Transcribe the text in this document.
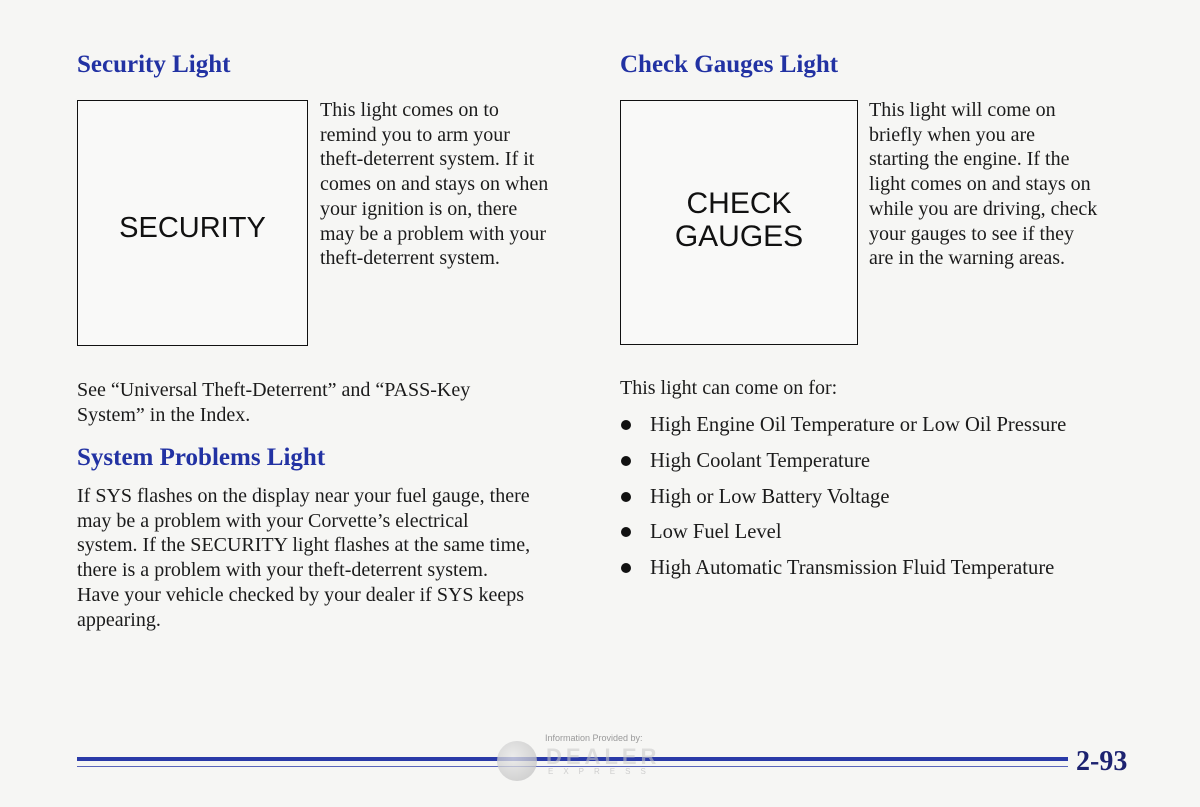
Security Light
SECURITY
This light comes on to
remind you to arm your
theft-deterrent system. If it
comes on and stays on when
your ignition is on, there
may be a problem with your
theft-deterrent system.
See “Universal Theft-Deterrent” and “PASS-Key
System” in the Index.
System Problems Light
If SYS flashes on the display near your fuel gauge, there
may be a problem with your Corvette’s electrical
system. If the SECURITY light flashes at the same time,
there is a problem with your theft-deterrent system.
Have your vehicle checked by your dealer if SYS keeps
appearing.
Check Gauges Light
CHECK
GAUGES
This light will come on
briefly when you are
starting the engine. If the
light comes on and stays on
while you are driving, check
your gauges to see if they
are in the warning areas.
This light can come on for:
High Engine Oil Temperature or Low Oil Pressure
High Coolant Temperature
High or Low Battery Voltage
Low Fuel Level
High Automatic Transmission Fluid Temperature
Information Provided by:
DEALER
EXPRESS	2-93
